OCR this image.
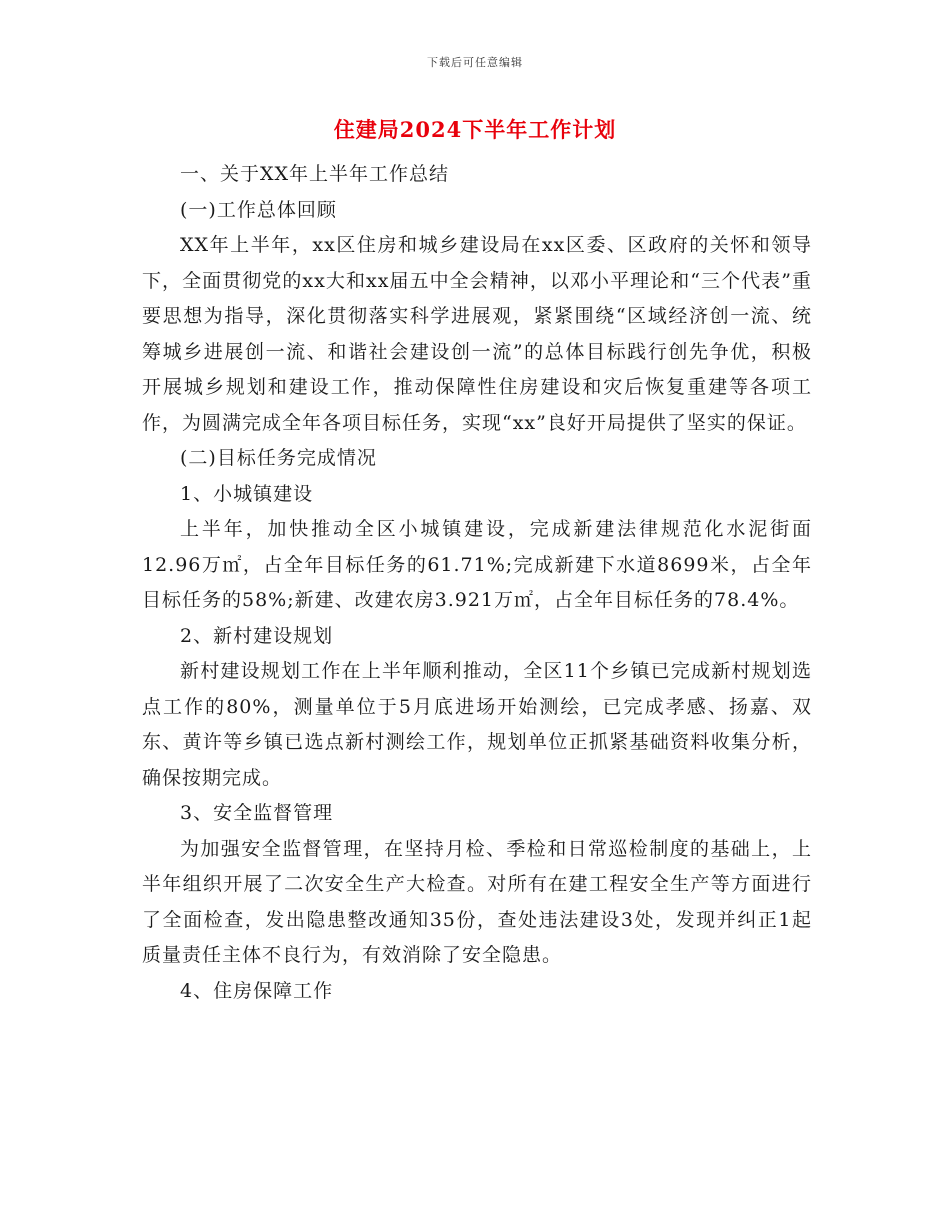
下载后可任意编辑
住建局2024下半年工作计划

一、关于XX年上半年工作总结

(一)工作总体回顾

XX年上半年，xx区住房和城乡建设局在xx区委、区政府的关怀和领导下，全面贯彻党的xx大和xx届五中全会精神，以邓小平理论和“三个代表”重要思想为指导，深化贯彻落实科学进展观，紧紧围绕“区域经济创一流、统筹城乡进展创一流、和谐社会建设创一流”的总体目标践行创先争优，积极开展城乡规划和建设工作，推动保障性住房建设和灾后恢复重建等各项工作，为圆满完成全年各项目标任务，实现“xx”良好开局提供了坚实的保证。

(二)目标任务完成情况

1、小城镇建设

上半年，加快推动全区小城镇建设，完成新建法律规范化水泥街面12.96万㎡，占全年目标任务的61.71%;完成新建下水道8699米，占全年目标任务的58%;新建、改建农房3.921万㎡，占全年目标任务的78.4%。

2、新村建设规划

新村建设规划工作在上半年顺利推动，全区11个乡镇已完成新村规划选点工作的80%，测量单位于5月底进场开始测绘，已完成孝感、扬嘉、双东、黄许等乡镇已选点新村测绘工作，规划单位正抓紧基础资料收集分析，确保按期完成。

3、安全监督管理

为加强安全监督管理，在坚持月检、季检和日常巡检制度的基础上，上半年组织开展了二次安全生产大检查。对所有在建工程安全生产等方面进行了全面检查，发出隐患整改通知35份，查处违法建设3处，发现并纠正1起质量责任主体不良行为，有效消除了安全隐患。

4、住房保障工作
